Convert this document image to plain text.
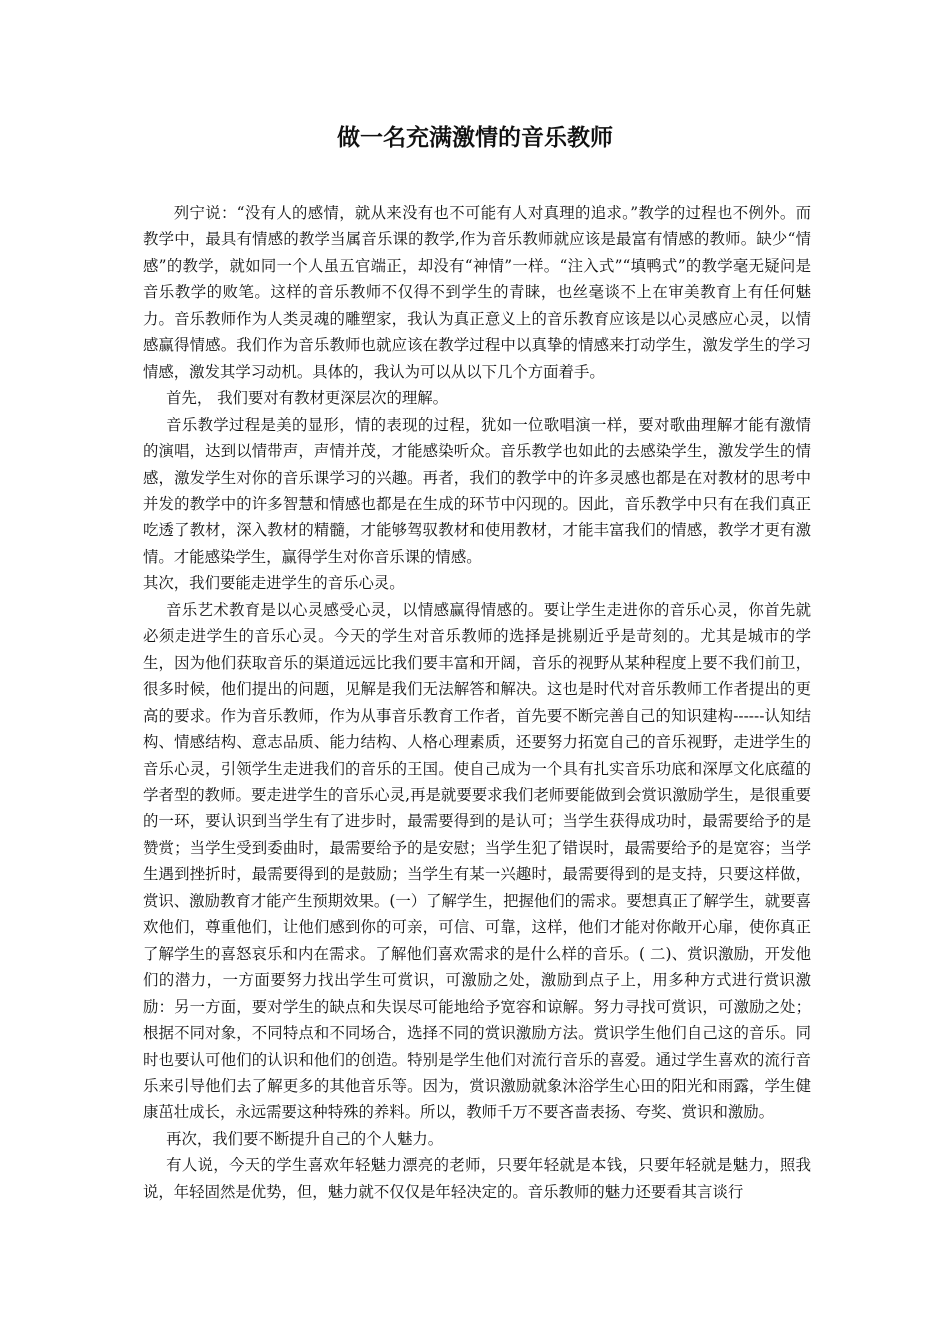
做一名充满激情的音乐教师

列宁说：“没有人的感情，就从来没有也不可能有人对真理的追求。”教学的过程也不例外。而教学中，最具有情感的教学当属音乐课的教学,作为音乐教师就应该是最富有情感的教师。缺少“情感”的教学，就如同一个人虽五官端正，却没有“神情”一样。“注入式”“填鸭式”的教学毫无疑问是音乐教学的败笔。这样的音乐教师不仅得不到学生的青睐，也丝毫谈不上在审美教育上有任何魅力。音乐教师作为人类灵魂的雕塑家，我认为真正意义上的音乐教育应该是以心灵感应心灵，以情感赢得情感。我们作为音乐教师也就应该在教学过程中以真挚的情感来打动学生，激发学生的学习情感，激发其学习动机。具体的，我认为可以从以下几个方面着手。

首先， 我们要对有教材更深层次的理解。

音乐教学过程是美的显形，情的表现的过程，犹如一位歌唱演一样，要对歌曲理解才能有激情的演唱，达到以情带声，声情并茂，才能感染听众。音乐教学也如此的去感染学生，激发学生的情感，激发学生对你的音乐课学习的兴趣。再者，我们的教学中的许多灵感也都是在对教材的思考中并发的教学中的许多智慧和情感也都是在生成的环节中闪现的。因此，音乐教学中只有在我们真正吃透了教材，深入教材的精髓，才能够驾驭教材和使用教材，才能丰富我们的情感，教学才更有激情。才能感染学生，赢得学生对你音乐课的情感。

其次，我们要能走进学生的音乐心灵。

音乐艺术教育是以心灵感受心灵，以情感赢得情感的。要让学生走进你的音乐心灵，你首先就必须走进学生的音乐心灵。今天的学生对音乐教师的选择是挑剔近乎是苛刻的。尤其是城市的学生，因为他们获取音乐的渠道远远比我们要丰富和开阔，音乐的视野从某种程度上要不我们前卫，很多时候，他们提出的问题，见解是我们无法解答和解决。这也是时代对音乐教师工作者提出的更高的要求。作为音乐教师，作为从事音乐教育工作者，首先要不断完善自己的知识建构------认知结构、情感结构、意志品质、能力结构、人格心理素质，还要努力拓宽自己的音乐视野，走进学生的音乐心灵，引领学生走进我们的音乐的王国。使自己成为一个具有扎实音乐功底和深厚文化底蕴的学者型的教师。要走进学生的音乐心灵,再是就要要求我们老师要能做到会赏识激励学生，是很重要的一环，要认识到当学生有了进步时，最需要得到的是认可；当学生获得成功时，最需要给予的是赞赏；当学生受到委曲时，最需要给予的是安慰；当学生犯了错误时，最需要给予的是宽容；当学生遇到挫折时，最需要得到的是鼓励；当学生有某一兴趣时，最需要得到的是支持，只要这样做，赏识、激励教育才能产生预期效果。(一）了解学生，把握他们的需求。要想真正了解学生，就要喜欢他们，尊重他们，让他们感到你的可亲，可信、可靠，这样，他们才能对你敞开心扉，使你真正了解学生的喜怒哀乐和内在需求。了解他们喜欢需求的是什么样的音乐。( 二)、赏识激励，开发他们的潜力，一方面要努力找出学生可赏识，可激励之处，激励到点子上，用多种方式进行赏识激励：另一方面，要对学生的缺点和失误尽可能地给予宽容和谅解。努力寻找可赏识，可激励之处；根据不同对象，不同特点和不同场合，选择不同的赏识激励方法。赏识学生他们自己这的音乐。同时也要认可他们的认识和他们的创造。特别是学生他们对流行音乐的喜爱。通过学生喜欢的流行音乐来引导他们去了解更多的其他音乐等。因为，赏识激励就象沐浴学生心田的阳光和雨露，学生健康茁壮成长，永远需要这种特殊的养料。所以，教师千万不要吝啬表扬、夸奖、赏识和激励。

再次，我们要不断提升自己的个人魅力。

有人说，今天的学生喜欢年轻魅力漂亮的老师，只要年轻就是本钱，只要年轻就是魅力，照我说，年轻固然是优势，但，魅力就不仅仅是年轻决定的。音乐教师的魅力还要看其言谈行
